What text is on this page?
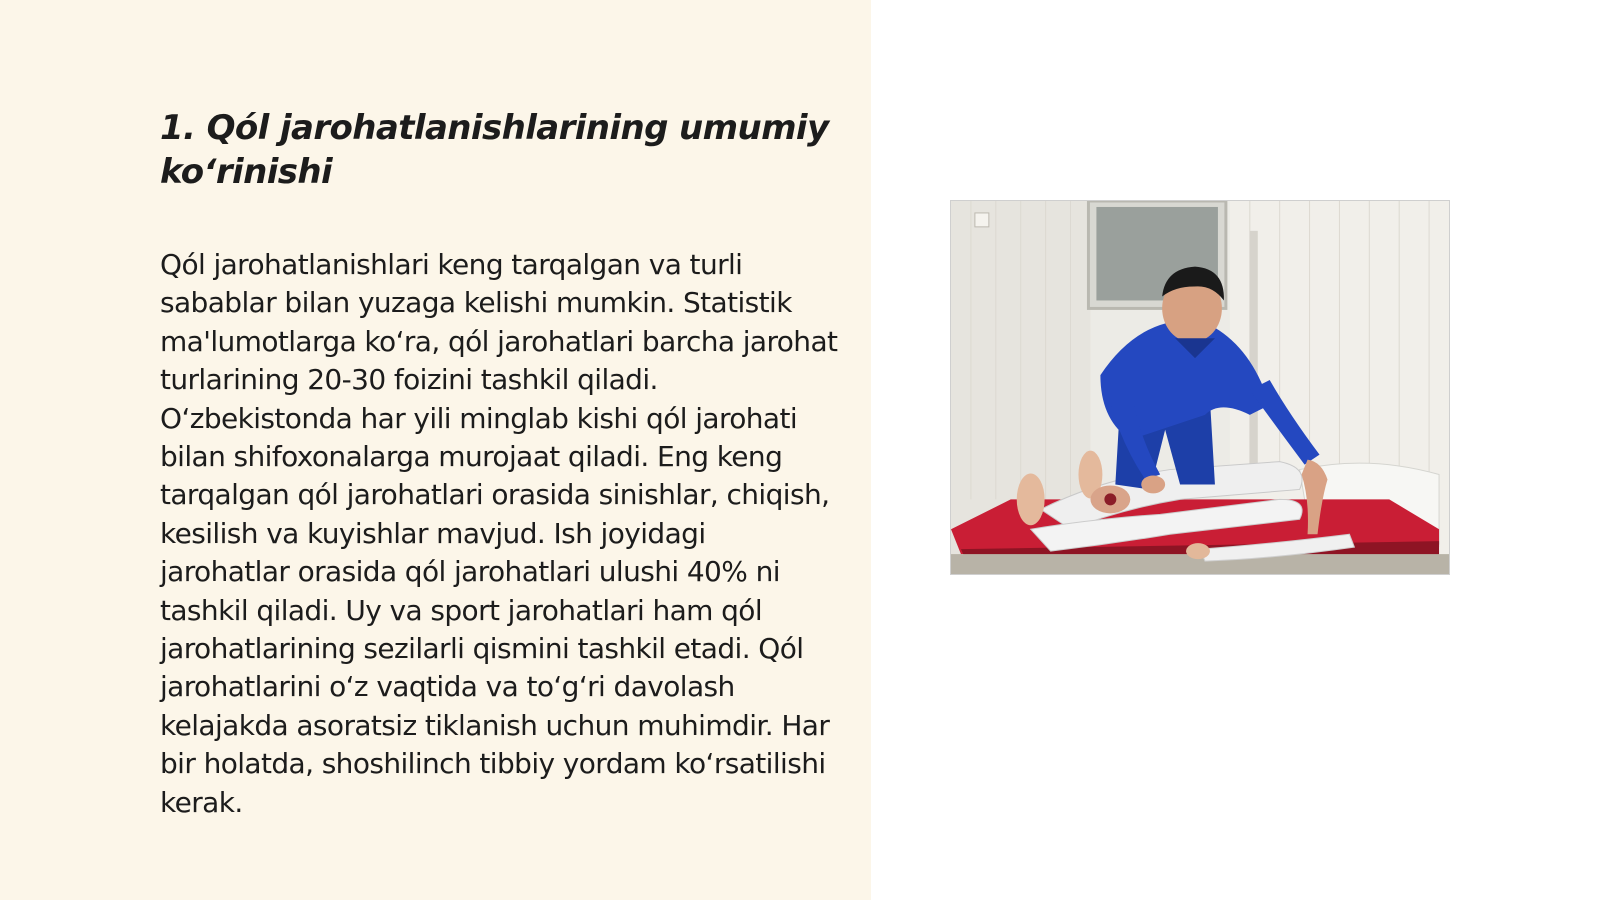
1. Qól jarohatlanishlarining umumiy ko‘rinishi

Qól jarohatlanishlari keng tarqalgan va turli sabablar bilan yuzaga kelishi mumkin. Statistik ma'lumotlarga ko‘ra, qól jarohatlari barcha jarohat turlarining 20-30 foizini tashkil qiladi. O‘zbekistonda har yili minglab kishi qól jarohati bilan shifoxonalarga murojaat qiladi. Eng keng tarqalgan qól jarohatlari orasida sinishlar, chiqish, kesilish va kuyishlar mavjud. Ish joyidagi jarohatlar orasida qól jarohatlari ulushi 40% ni tashkil qiladi. Uy va sport jarohatlari ham qól jarohatlarining sezilarli qismini tashkil etadi. Qól jarohatlarini o‘z vaqtida va to‘g‘ri davolash kelajakda asoratsiz tiklanish uchun muhimdir. Har bir holatda, shoshilinch tibbiy yordam ko‘rsatilishi kerak.
